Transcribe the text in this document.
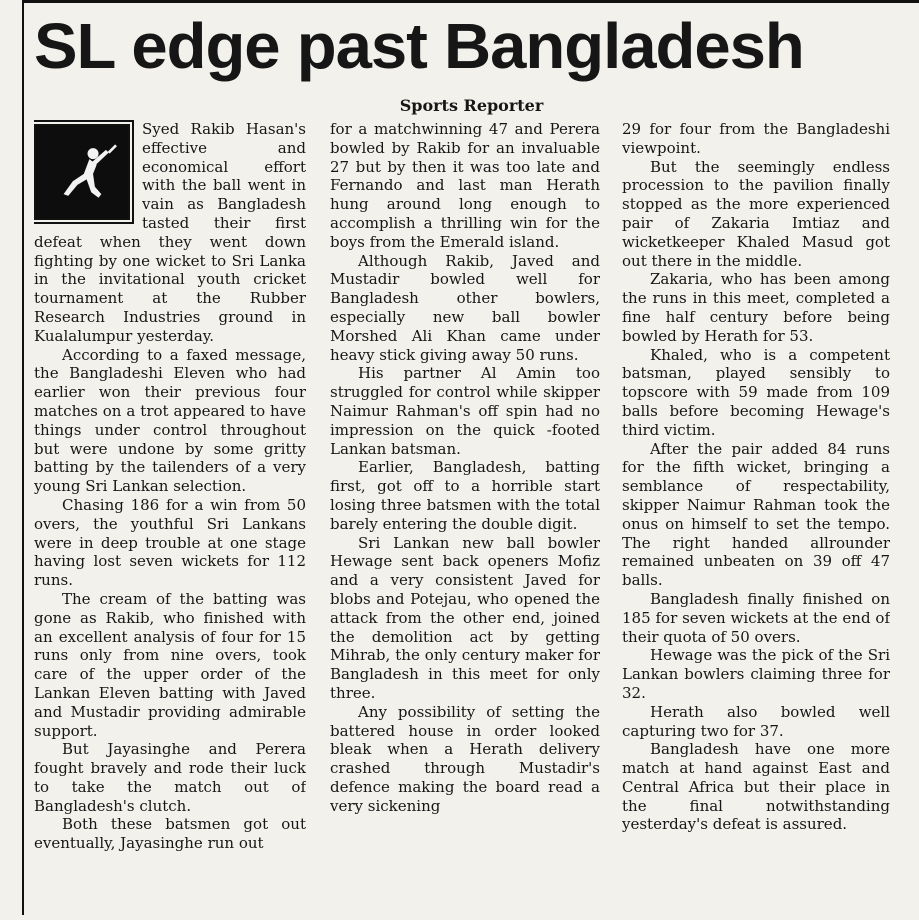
SL edge past Bangladesh
Sports Reporter

Syed Rakib Hasan's effective and economical effort with the ball went in vain as Bangladesh tasted their first defeat when they went down fighting by one wicket to Sri Lanka in the invitational youth cricket tournament at the Rubber Research Industries ground in Kualalumpur yesterday.

According to a faxed message, the Bangladeshi Eleven who had earlier won their previous four matches on a trot appeared to have things under control throughout but were undone by some gritty batting by the tailenders of a very young Sri Lankan selection.

Chasing 186 for a win from 50 overs, the youthful Sri Lankans were in deep trouble at one stage having lost seven wickets for 112 runs.

The cream of the batting was gone as Rakib, who finished with an excellent analysis of four for 15 runs only from nine overs, took care of the upper order of the Lankan Eleven batting with Javed and Mustadir providing admirable support.

But Jayasinghe and Perera fought bravely and rode their luck to take the match out of Bangladesh's clutch.

Both these batsmen got out eventually, Jayasinghe run out

for a matchwinning 47 and Perera bowled by Rakib for an invaluable 27 but by then it was too late and Fernando and last man Herath hung around long enough to accomplish a thrilling win for the boys from the Emerald island.

Although Rakib, Javed and Mustadir bowled well for Bangladesh other bowlers, especially new ball bowler Morshed Ali Khan came under heavy stick giving away 50 runs.

His partner Al Amin too struggled for control while skipper Naimur Rahman's off spin had no impression on the quick -footed Lankan batsman.

Earlier, Bangladesh, batting first, got off to a horrible start losing three batsmen with the total barely entering the double digit.

Sri Lankan new ball bowler Hewage sent back openers Mofiz and a very consistent Javed for blobs and Potejau, who opened the attack from the other end, joined the demolition act by getting Mihrab, the only century maker for Bangladesh in this meet for only three.

Any possibility of setting the battered house in order looked bleak when a Herath delivery crashed through Mustadir's defence making the board read a very sickening

29 for four from the Bangladeshi viewpoint.

But the seemingly endless procession to the pavilion finally stopped as the more experienced pair of Zakaria Imtiaz and wicketkeeper Khaled Masud got out there in the middle.

Zakaria, who has been among the runs in this meet, completed a fine half century before being bowled by Herath for 53.

Khaled, who is a competent batsman, played sensibly to topscore with 59 made from 109 balls before becoming Hewage's third victim.

After the pair added 84 runs for the fifth wicket, bringing a semblance of respectability, skipper Naimur Rahman took the onus on himself to set the tempo. The right handed allrounder remained unbeaten on 39 off 47 balls.

Bangladesh finally finished on 185 for seven wickets at the end of their quota of 50 overs.

Hewage was the pick of the Sri Lankan bowlers claiming three for 32.

Herath also bowled well capturing two for 37.

Bangladesh have one more match at hand against East and Central Africa but their place in the final notwithstanding yesterday's defeat is assured.
